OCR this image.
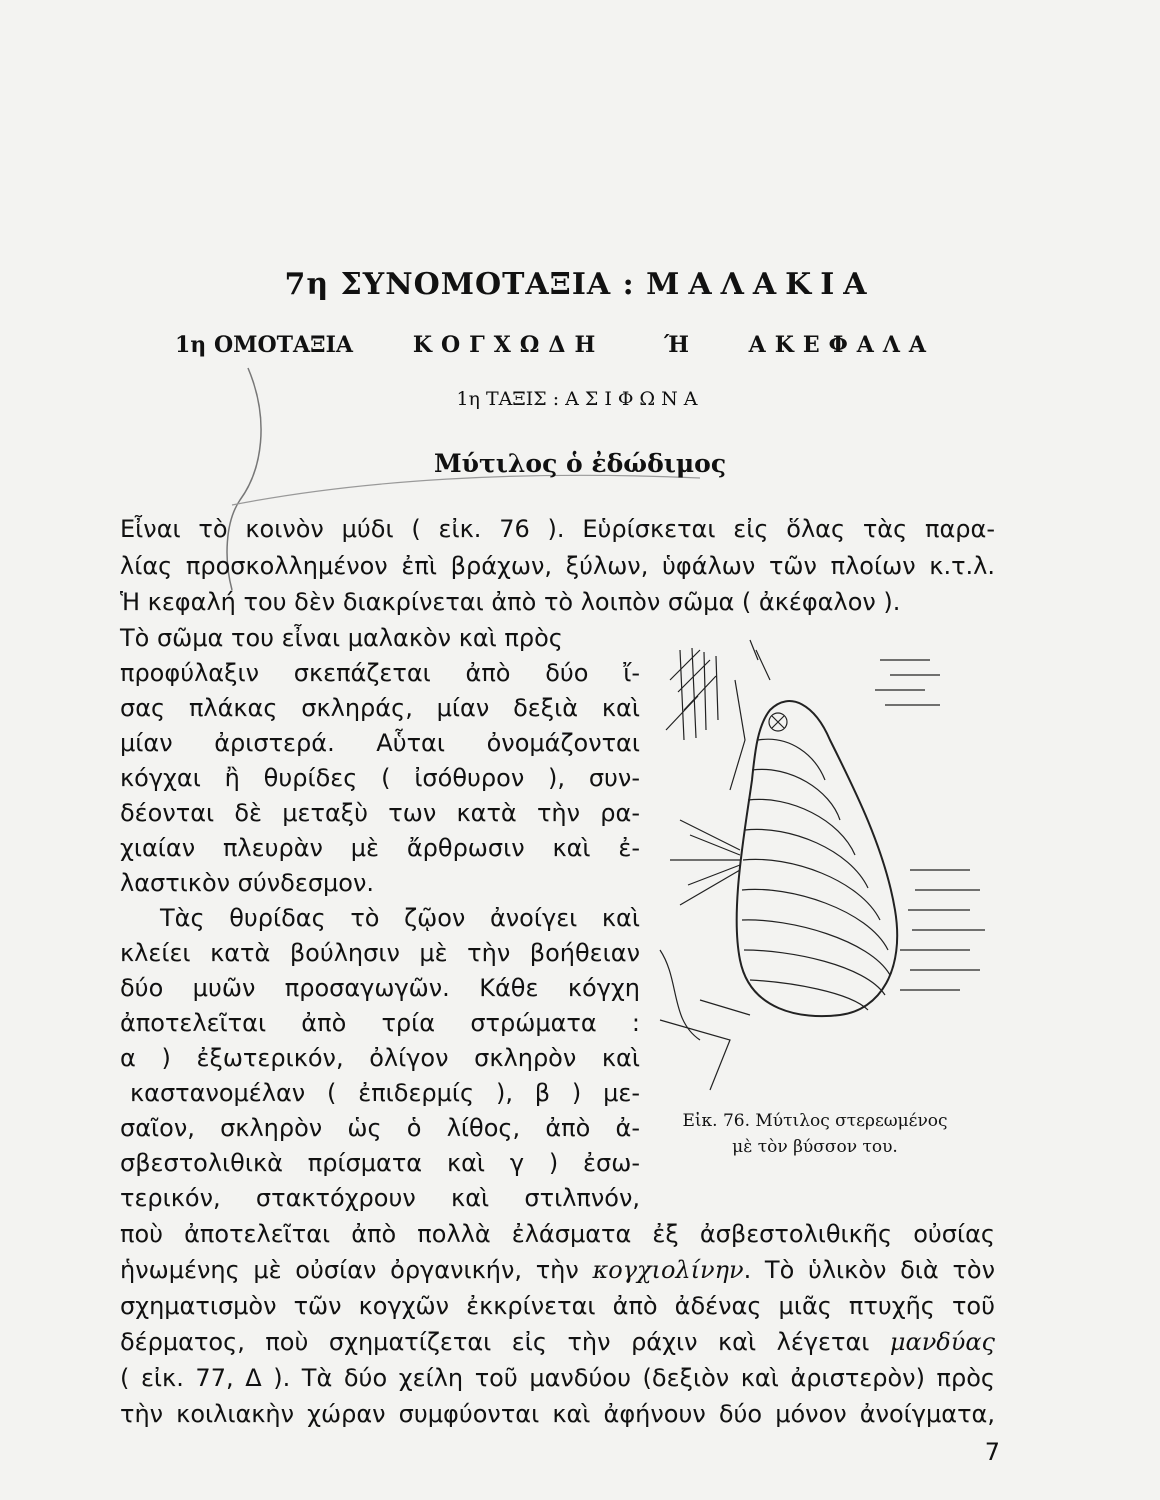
7η ΣΥΝΟΜΟΤΑΞΙΑ : ΜΑΛΑΚΙΑ
1η ΟΜΟΤΑΞΙΑ	ΚΟΓΧΩΔΗ	Ή	ΑΚΕΦΑΛΑ
1η ΤΑΞΙΣ : ΑΣΙΦΩΝΑ
Μύτιλος ὁ ἐδώδιμος
Εἶναι τὸ κοινὸν μύδι ( εἰκ. 76 ). Εὑρίσκεται εἰς ὅλας τὰς παρα-
λίας προσκολλημένον ἐπὶ βράχων, ξύλων, ὑφάλων τῶν πλοίων κ.τ.λ.
Ἡ κεφαλή του δὲν διακρίνεται ἀπὸ τὸ λοιπὸν σῶμα ( ἀκέφαλον ).
Τὸ σῶμα του εἶναι μαλακὸν καὶ πρὸς
προφύλαξιν σκεπάζεται ἀπὸ δύο ἴ-
σας πλάκας σκληράς, μίαν δεξιὰ καὶ
μίαν ἀριστερά. Αὗται ὀνομάζονται
κόγχαι ἢ θυρίδες ( ἰσόθυρον ), συν-
δέονται δὲ μεταξὺ των κατὰ τὴν ρα-
χιαίαν πλευρὰν μὲ ἄρθρωσιν καὶ ἐ-
λαστικὸν σύνδεσμον.
Τὰς θυρίδας τὸ ζῷον ἀνοίγει καὶ
κλείει κατὰ βούλησιν μὲ τὴν βοήθειαν
δύο μυῶν προσαγωγῶν. Κάθε κόγχη
ἀποτελεῖται ἀπὸ τρία στρώματα :
α ) ἐξωτερικόν, ὀλίγον σκληρὸν καὶ
καστανομέλαν ( ἐπιδερμίς ), β ) με-
σαῖον, σκληρὸν ὡς ὁ λίθος, ἀπὸ ἀ-
σβεστολιθικὰ πρίσματα καὶ γ ) ἐσω-
τερικόν, στακτόχρουν καὶ στιλπνόν,
ποὺ ἀποτελεῖται ἀπὸ πολλὰ ἐλάσματα ἐξ ἀσβεστολιθικῆς οὐσίας
ἡνωμένης μὲ οὐσίαν ὀργανικήν, τὴν κογχιολίνην. Τὸ ὑλικὸν διὰ τὸν
σχηματισμὸν τῶν κογχῶν ἐκκρίνεται ἀπὸ ἀδένας μιᾶς πτυχῆς τοῦ
δέρματος, ποὺ σχηματίζεται εἰς τὴν ράχιν καὶ λέγεται μανδύας
( εἰκ. 77, Δ ). Τὰ δύο χείλη τοῦ μανδύου (δεξιὸν καὶ ἀριστερὸν) πρὸς
τὴν κοιλιακὴν χώραν συμφύονται καὶ ἀφήνουν δύο μόνον ἀνοίγματα,
Εἰκ. 76. Μύτιλος στερεωμένος
μὲ τὸν βύσσον του.
7
